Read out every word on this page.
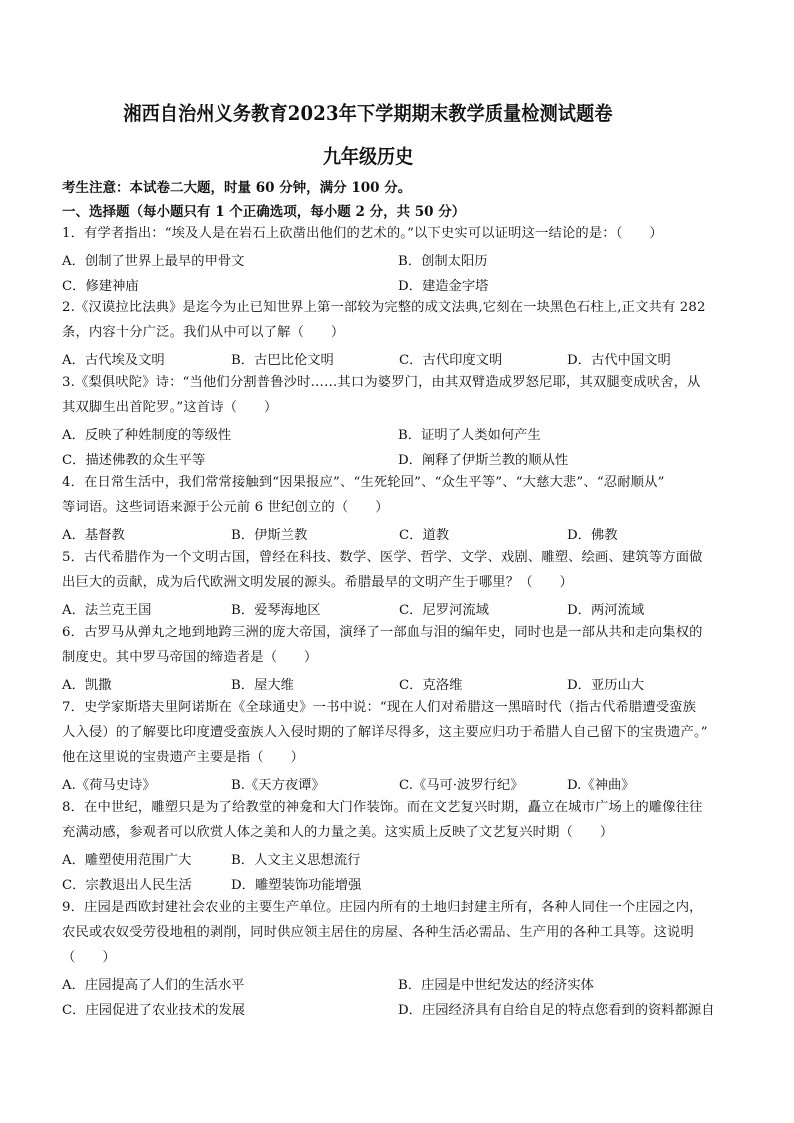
湘西自治州义务教育2023年下学期期末教学质量检测试题卷
九年级历史
考生注意：本试卷二大题，时量 60 分钟，满分 100 分。
一、选择题（每小题只有 1 个正确选项，每小题 2 分，共 50 分）
1．有学者指出：“埃及人是在岩石上砍凿出他们的艺术的。”以下史实可以证明这一结论的是：（　　）
A．创制了世界上最早的甲骨文	B．创制太阳历
C．修建神庙	D．建造金字塔
2.《汉谟拉比法典》是迄今为止已知世界上第一部较为完整的成文法典,它刻在一块黑色石柱上,正文共有 282
条，内容十分广泛。我们从中可以了解（　　）
A．古代埃及文明	B．古巴比伦文明	C．古代印度文明	D．古代中国文明
3.《梨俱吠陀》诗：“当他们分割普鲁沙时……其口为婆罗门，由其双臂造成罗怒尼耶，其双腿变成吠舍，从
其双脚生出首陀罗。”这首诗（　　）
A．反映了种姓制度的等级性	B．证明了人类如何产生
C．描述佛教的众生平等	D．阐释了伊斯兰教的顺从性
4．在日常生活中，我们常常接触到“因果报应”、“生死轮回”、“众生平等”、“大慈大悲”、“忍耐顺从”
等词语。这些词语来源于公元前 6 世纪创立的（　　）
A．基督教	B．伊斯兰教	C．道教	D．佛教
5．古代希腊作为一个文明古国，曾经在科技、数学、医学、哲学、文学、戏剧、雕塑、绘画、建筑等方面做
出巨大的贡献，成为后代欧洲文明发展的源头。希腊最早的文明产生于哪里？（　　）
A．法兰克王国	B．爱琴海地区	C．尼罗河流域	D．两河流域
6．古罗马从弹丸之地到地跨三洲的庞大帝国，演绎了一部血与泪的编年史，同时也是一部从共和走向集权的
制度史。其中罗马帝国的缔造者是（　　）
A．凯撒	B．屋大维	C．克洛维	D．亚历山大
7．史学家斯塔夫里阿诺斯在《全球通史》一书中说：“现在人们对希腊这一黑暗时代（指古代希腊遭受蛮族
人入侵）的了解要比印度遭受蛮族人入侵时期的了解详尽得多，这主要应归功于希腊人自己留下的宝贵遗产。”
他在这里说的宝贵遗产主要是指（　　）
A.《荷马史诗》	B.《天方夜谭》	C.《马可·波罗行纪》	D.《神曲》
8．在中世纪，雕塑只是为了给教堂的神龛和大门作装饰。而在文艺复兴时期，矗立在城市广场上的雕像往往
充满动感，参观者可以欣赏人体之美和人的力量之美。这实质上反映了文艺复兴时期（　　）
A．雕塑使用范围广大	B．人文主义思想流行
C．宗教退出人民生活	D．雕塑装饰功能增强
9．庄园是西欧封建社会农业的主要生产单位。庄园内所有的土地归封建主所有，各种人同住一个庄园之内，
农民或农奴受劳役地租的剥削，同时供应领主居住的房屋、各种生活必需品、生产用的各种工具等。这说明
（　　）
A．庄园提高了人们的生活水平	B．庄园是中世纪发达的经济实体
C．庄园促进了农业技术的发展	D．庄园经济具有自给自足的特点您看到的资料都源自
